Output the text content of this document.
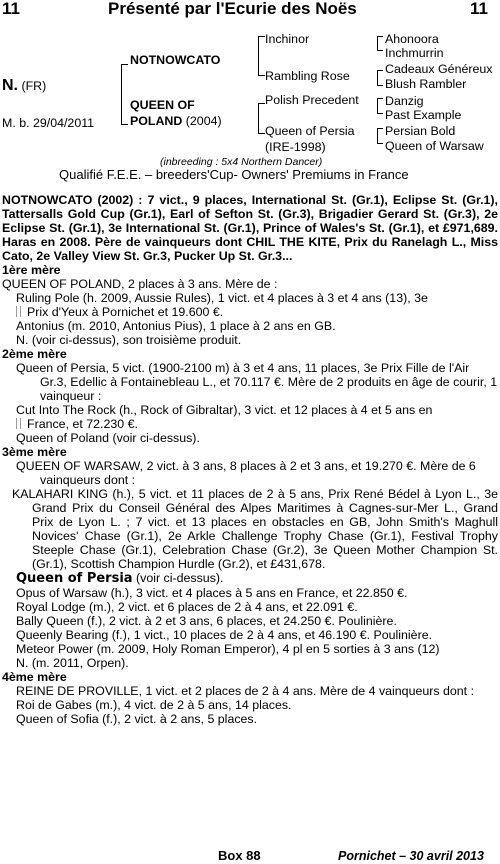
11	Présenté par l'Ecurie des Noës	11
N. (FR)
M. b. 29/04/2011
NOTNOWCATO
QUEEN OF
POLAND (2004)
Inchinor
Rambling Rose
Polish Precedent
Queen of Persia
(IRE-1998)
Ahonoora
Inchmurrin
Cadeaux Généreux
Blush Rambler
Danzig
Past Example
Persian Bold
Queen of Warsaw
(inbreeding : 5x4 Northern Dancer)
Qualifié F.E.E. – breeders'Cup- Owners' Premiums in France

NOTNOWCATO (2002) : 7 vict., 9 places, International St. (Gr.1), Eclipse St. (Gr.1), Tattersalls Gold Cup (Gr.1), Earl of Sefton St. (Gr.3), Brigadier Gerard St. (Gr.3), 2e Eclipse St. (Gr.1), 3e International St. (Gr.1), Prince of Wales's St. (Gr.1), et £971,689. Haras en 2008. Père de vainqueurs dont CHIL THE KITE, Prix du Ranelagh L., Miss Cato, 2e Valley View St. Gr.3, Pucker Up St. Gr.3...

1ère mère

QUEEN OF POLAND, 2 places à 3 ans. Mère de :

Ruling Pole (h. 2009, Aussie Rules), 1 vict. et 4 places à 3 et 4 ans (13), 3e

Prix d'Yeux à Pornichet et 19.600 €.

Antonius (m. 2010, Antonius Pius), 1 place à 2 ans en GB.

N. (voir ci-dessus), son troisième produit.

2ème mère

Queen of Persia, 5 vict. (1900-2100 m) à 3 et 4 ans, 11 places, 3e Prix Fille de l'Air Gr.3, Edellic à Fontainebleau L., et 70.117 €. Mère de 2 produits en âge de courir, 1 vainqueur :

Cut Into The Rock (h., Rock of Gibraltar), 3 vict. et 12 places à 4 et 5 ans en

France, et 72.230 €.

Queen of Poland (voir ci-dessus).

3ème mère

QUEEN OF WARSAW, 2 vict. à 3 ans, 8 places à 2 et 3 ans, et 19.270 €. Mère de 6 vainqueurs dont :

KALAHARI KING (h.), 5 vict. et 11 places de 2 à 5 ans, Prix René Bédel à Lyon L., 3e Grand Prix du Conseil Général des Alpes Maritimes à Cagnes-sur-Mer L., Grand Prix de Lyon L. ; 7 vict. et 13 places en obstacles en GB, John Smith's Maghull Novices' Chase (Gr.1), 2e Arkle Challenge Trophy Chase (Gr.1), Festival Trophy Steeple Chase (Gr.1), Celebration Chase (Gr.2), 3e Queen Mother Champion St. (Gr.1), Scottish Champion Hurdle (Gr.2), et £431,678.

Queen of Persia (voir ci-dessus).

Opus of Warsaw (h.), 3 vict. et 4 places à 5 ans en France, et 22.850 €.

Royal Lodge (m.), 2 vict. et 6 places de 2 à 4 ans, et 22.091 €.

Bally Queen (f.), 2 vict. à 2 et 3 ans, 6 places, et 24.250 €. Poulinière.

Queenly Bearing (f.), 1 vict., 10 places de 2 à 4 ans, et 46.190 €. Poulinière.

Meteor Power (m. 2009, Holy Roman Emperor), 4 pl en 5 sorties à 3 ans (12)

N. (m. 2011, Orpen).

4ème mère

REINE DE PROVILLE, 1 vict. et 2 places de 2 à 4 ans. Mère de 4 vainqueurs dont :

Roi de Gabes (m.), 4 vict. de 2 à 5 ans, 14 places.

Queen of Sofia (f.), 2 vict. à 2 ans, 5 places.

Box 88	Pornichet – 30 avril 2013
